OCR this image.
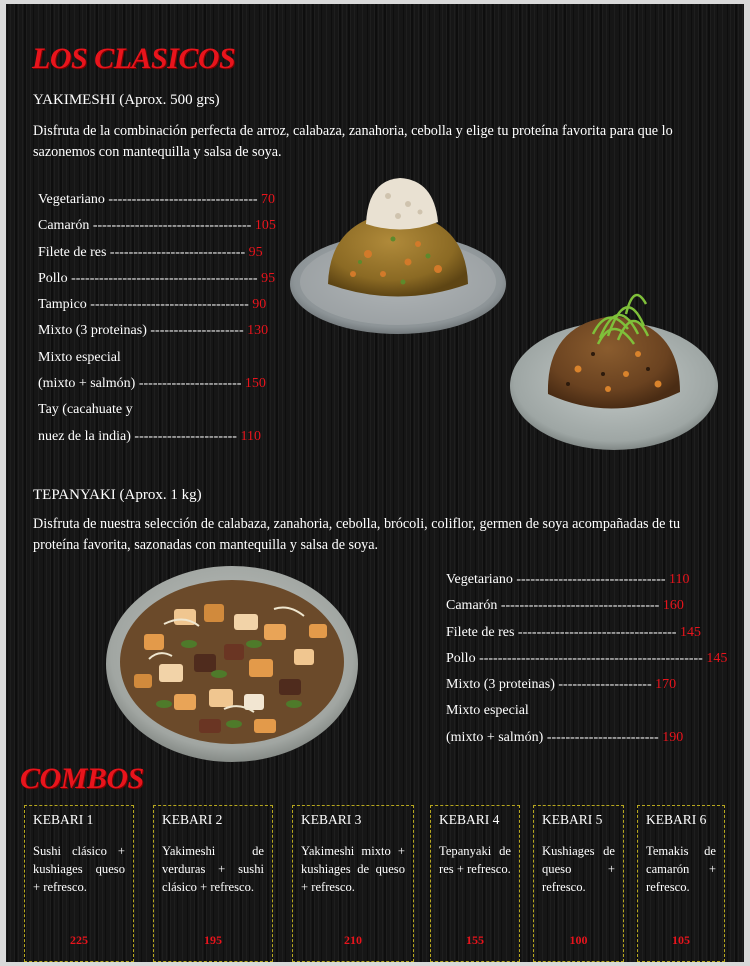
LOS CLASICOS
YAKIMESHI (Aprox. 500 grs)
Disfruta de la combinación perfecta de arroz, calabaza, zanahoria, cebolla y elige tu proteína favorita para que lo sazonemos con mantequilla y salsa de soya.
Vegetariano -------------------------------- 70
Camarón ---------------------------------- 105
Filete de res ----------------------------- 95
Pollo ---------------------------------------- 95
Tampico ---------------------------------- 90
Mixto (3 proteinas) -------------------- 130
Mixto especial
(mixto + salmón) ---------------------- 150
Tay (cacahuate y
nuez de la india) ---------------------- 110
TEPANYAKI (Aprox. 1 kg)
Disfruta de nuestra selección de calabaza, zanahoria, cebolla, brócoli, coliflor, germen de soya acompañadas de tu proteína favorita, sazonadas con mantequilla y salsa de soya.
Vegetariano -------------------------------- 110
Camarón ---------------------------------- 160
Filete de res ---------------------------------- 145
Pollo ------------------------------------------------ 145
Mixto (3 proteinas) -------------------- 170
Mixto especial
(mixto + salmón) ------------------------ 190
COMBOS
KEBARI 1
Sushi clásico + kushiages queso + refresco.
225
KEBARI 2
Yakimeshi de verduras + sushi clásico + refresco.
195
KEBARI 3
Yakimeshi mixto + kushiages de queso + refresco.
210
KEBARI 4
Tepanyaki de res + refresco.
155
KEBARI 5
Kushiages de queso + refresco.
100
KEBARI 6
Temakis de camarón + refresco.
105
